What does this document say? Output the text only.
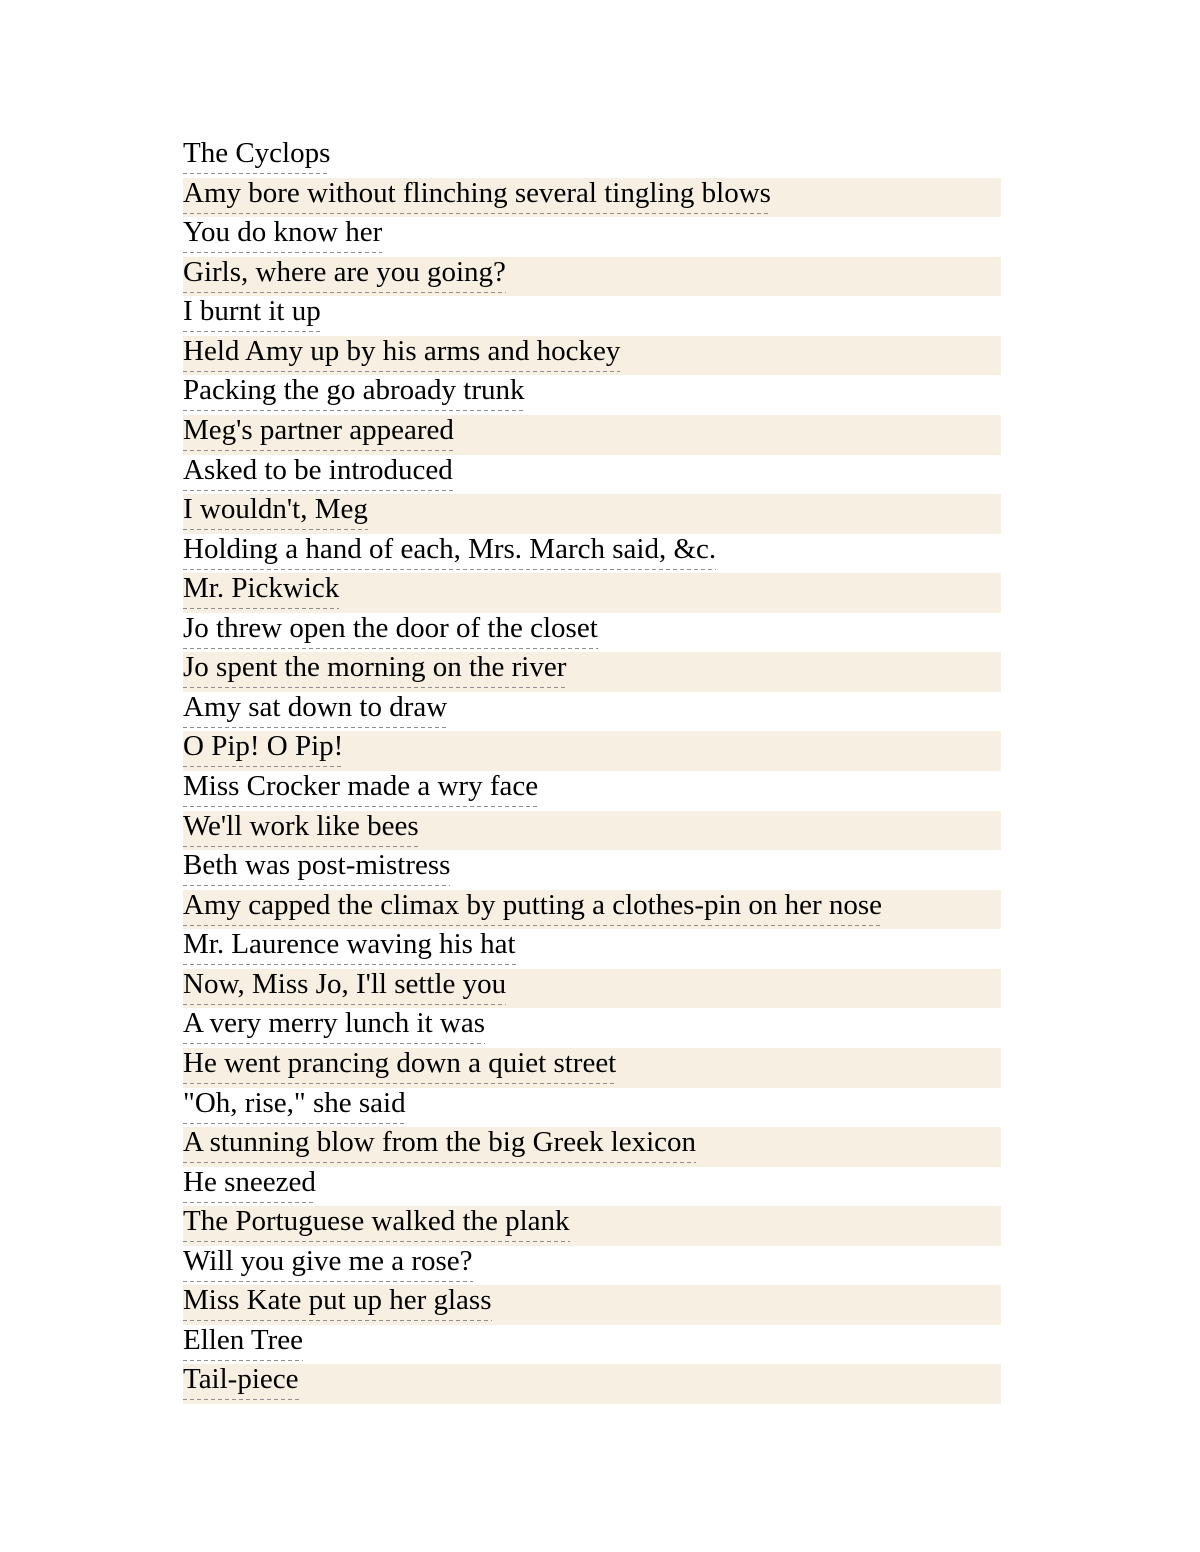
The Cyclops
Amy bore without flinching several tingling blows
You do know her
Girls, where are you going?
I burnt it up
Held Amy up by his arms and hockey
Packing the go abroady trunk
Meg's partner appeared
Asked to be introduced
I wouldn't, Meg
Holding a hand of each, Mrs. March said, &c.
Mr. Pickwick
Jo threw open the door of the closet
Jo spent the morning on the river
Amy sat down to draw
O Pip! O Pip!
Miss Crocker made a wry face
We'll work like bees
Beth was post-mistress
Amy capped the climax by putting a clothes-pin on her nose
Mr. Laurence waving his hat
Now, Miss Jo, I'll settle you
A very merry lunch it was
He went prancing down a quiet street
"Oh, rise," she said
A stunning blow from the big Greek lexicon
He sneezed
The Portuguese walked the plank
Will you give me a rose?
Miss Kate put up her glass
Ellen Tree
Tail-piece
